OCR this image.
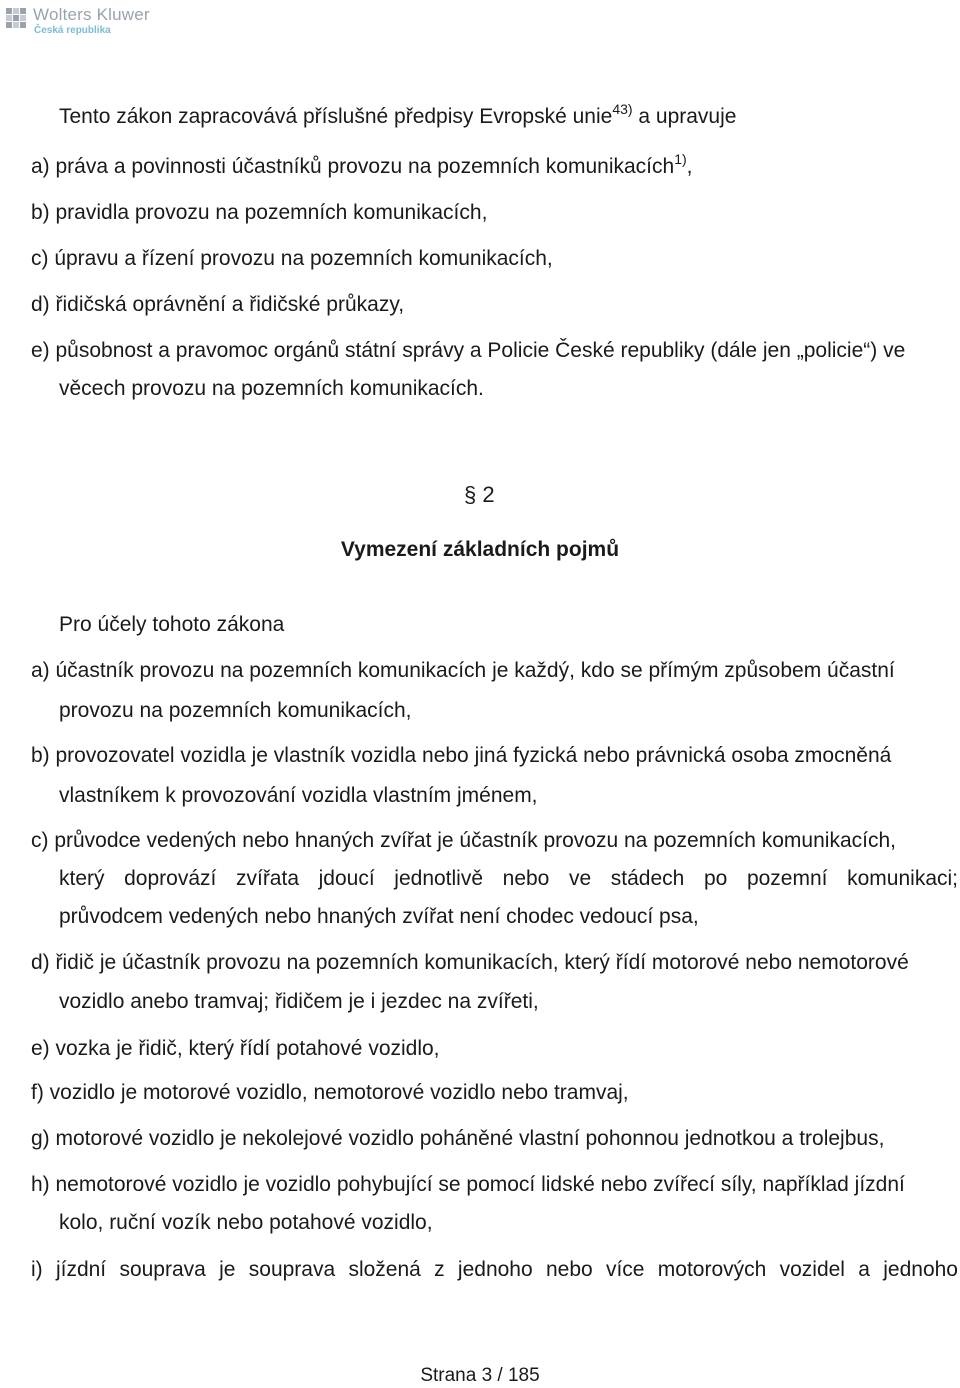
Wolters Kluwer
Česká republika
Tento zákon zapracovává příslušné předpisy Evropské unie$^{43)}$ a upravuje
a) práva a povinnosti účastníků provozu na pozemních komunikacích$^{1)}$,
b) pravidla provozu na pozemních komunikacích,
c) úpravu a řízení provozu na pozemních komunikacích,
d) řidičská oprávnění a řidičské průkazy,
e) působnost a pravomoc orgánů státní správy a Policie České republiky (dále jen „policie“) ve
věcech provozu na pozemních komunikacích.
§ 2
Vymezení základních pojmů
Pro účely tohoto zákona
a) účastník provozu na pozemních komunikacích je každý, kdo se přímým způsobem účastní
provozu na pozemních komunikacích,
b) provozovatel vozidla je vlastník vozidla nebo jiná fyzická nebo právnická osoba zmocněná
vlastníkem k provozování vozidla vlastním jménem,
c) průvodce vedených nebo hnaných zvířat je účastník provozu na pozemních komunikacích,
který doprovází zvířata jdoucí jednotlivě nebo ve stádech po pozemní komunikaci;
průvodcem vedených nebo hnaných zvířat není chodec vedoucí psa,
d) řidič je účastník provozu na pozemních komunikacích, který řídí motorové nebo nemotorové
vozidlo anebo tramvaj; řidičem je i jezdec na zvířeti,
e) vozka je řidič, který řídí potahové vozidlo,
f) vozidlo je motorové vozidlo, nemotorové vozidlo nebo tramvaj,
g) motorové vozidlo je nekolejové vozidlo poháněné vlastní pohonnou jednotkou a trolejbus,
h) nemotorové vozidlo je vozidlo pohybující se pomocí lidské nebo zvířecí síly, například jízdní
kolo, ruční vozík nebo potahové vozidlo,
i) jízdní souprava je souprava složená z jednoho nebo více motorových vozidel a jednoho
Strana 3 / 185
